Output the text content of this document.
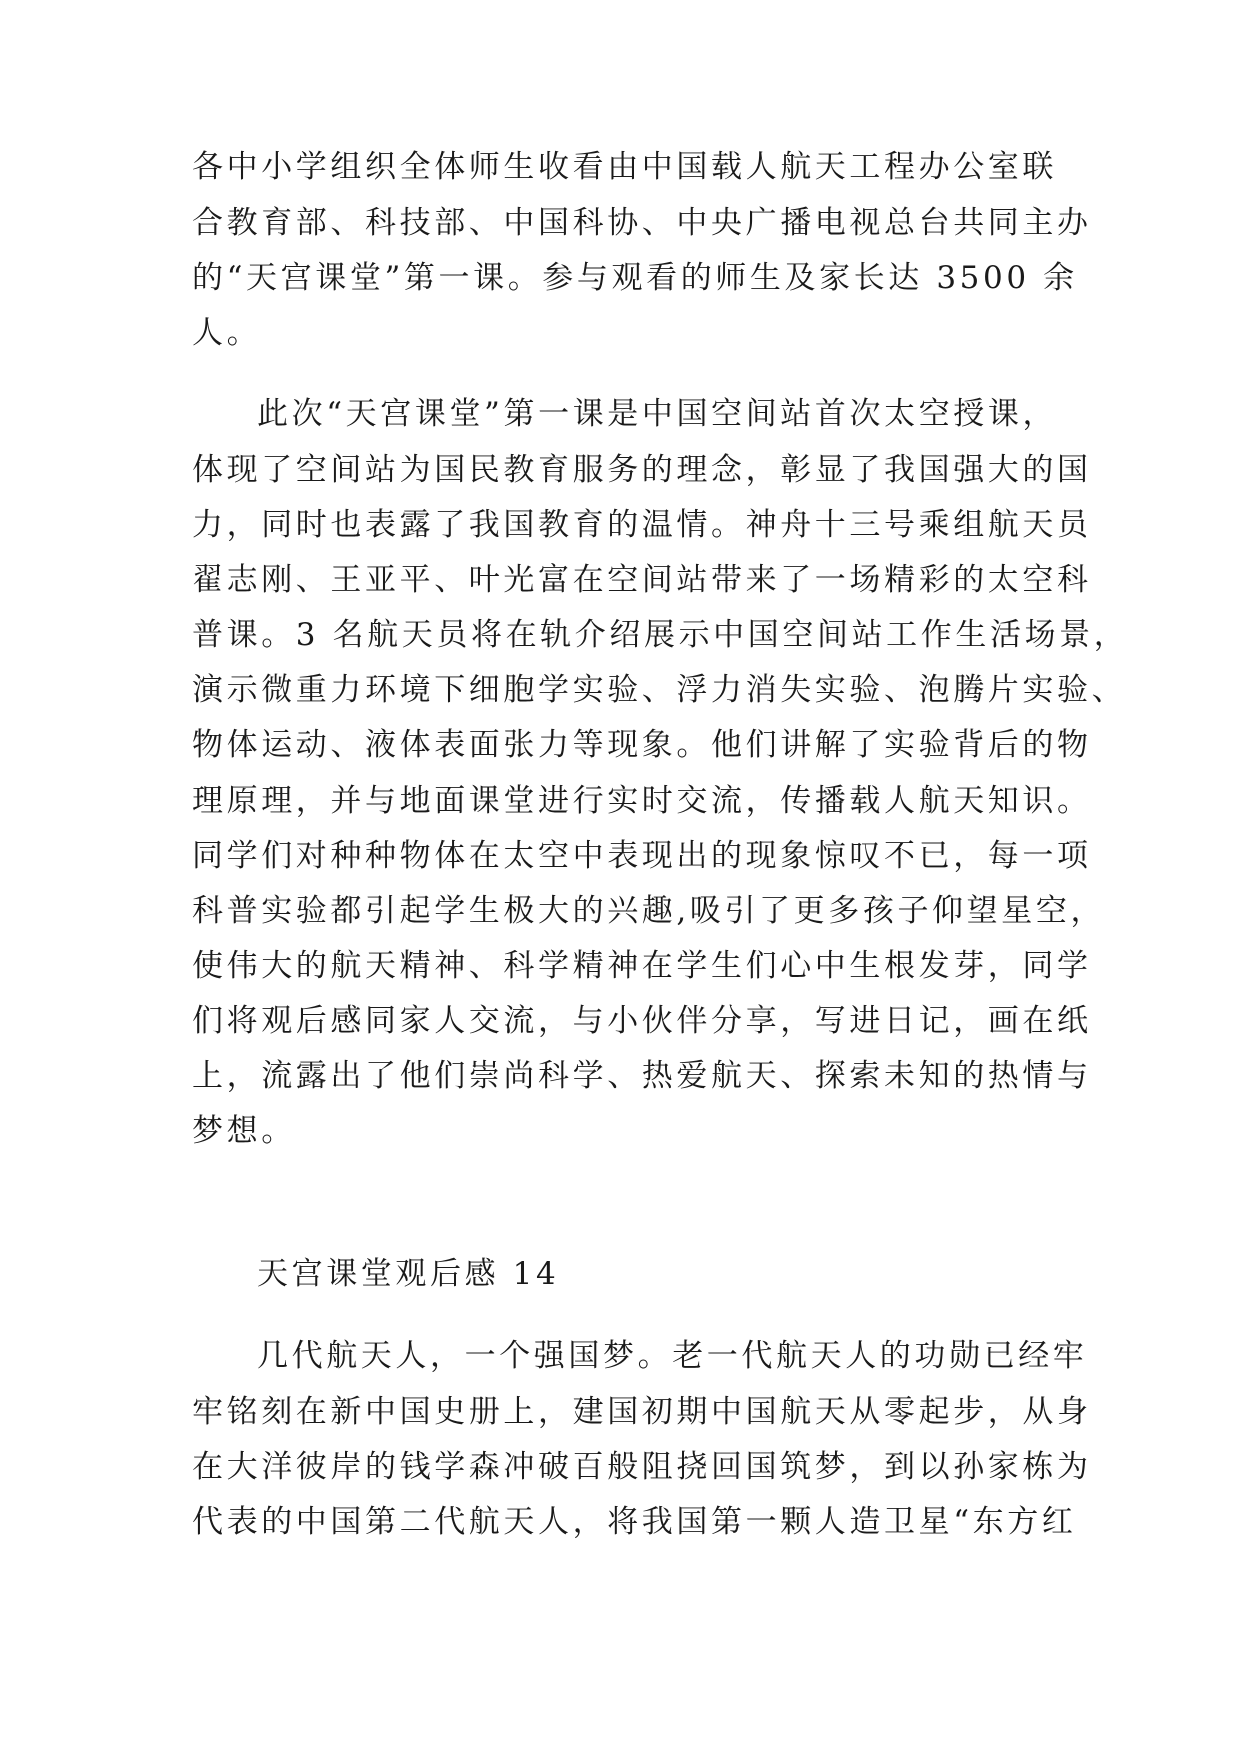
各中小学组织全体师生收看由中国载人航天工程办公室联
合教育部、科技部、中国科协、中央广播电视总台共同主办
的“天宫课堂”第一课。参与观看的师生及家长达 3500 余
人。
此次“天宫课堂”第一课是中国空间站首次太空授课，
体现了空间站为国民教育服务的理念，彰显了我国强大的国
力，同时也表露了我国教育的温情。神舟十三号乘组航天员
翟志刚、王亚平、叶光富在空间站带来了一场精彩的太空科
普课。3 名航天员将在轨介绍展示中国空间站工作生活场景，
演示微重力环境下细胞学实验、浮力消失实验、泡腾片实验、
物体运动、液体表面张力等现象。他们讲解了实验背后的物
理原理，并与地面课堂进行实时交流，传播载人航天知识。
同学们对种种物体在太空中表现出的现象惊叹不已，每一项
科普实验都引起学生极大的兴趣,吸引了更多孩子仰望星空，
使伟大的航天精神、科学精神在学生们心中生根发芽，同学
们将观后感同家人交流，与小伙伴分享，写进日记，画在纸
上，流露出了他们崇尚科学、热爱航天、探索未知的热情与
梦想。
天宫课堂观后感 14
几代航天人，一个强国梦。老一代航天人的功勋已经牢
牢铭刻在新中国史册上，建国初期中国航天从零起步，从身
在大洋彼岸的钱学森冲破百般阻挠回国筑梦，到以孙家栋为
代表的中国第二代航天人，将我国第一颗人造卫星“东方红
